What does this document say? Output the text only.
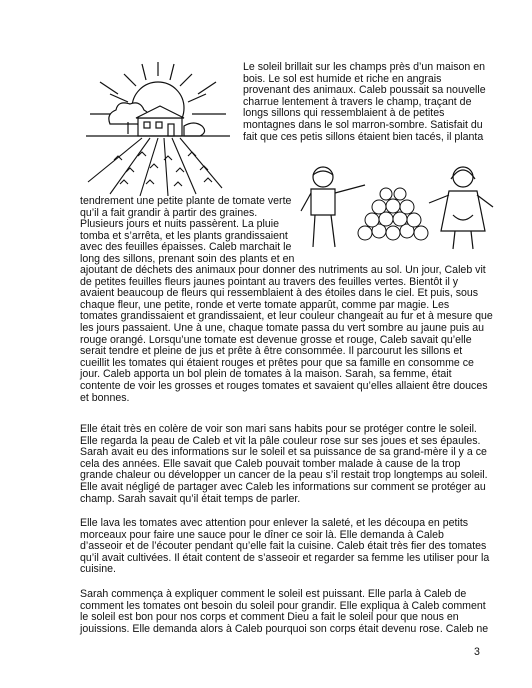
Le soleil brillait sur les champs près d’un maison en
bois. Le sol est humide et riche en angrais
provenant des animaux. Caleb poussait sa nouvelle
charrue lentement à travers le champ, traçant de
longs sillons qui ressemblaient à de petites
montagnes dans le sol marron-sombre. Satisfait du
fait que ces petis sillons étaient bien tacés, il planta
tendrement une petite plante de tomate verte
qu’il a fait grandir à partir des graines.
Plusieurs jours et nuits passèrent. La pluie
tomba et s’arrêta, et les plants grandissaient
avec des feuilles épaisses. Caleb marchait le
long des sillons, prenant soin des plants et en
ajoutant de déchets des animaux pour donner des nutriments au sol. Un jour, Caleb vit
de petites feuilles fleurs jaunes pointant au travers des feuilles vertes. Bientôt il y
avaient beaucoup de fleurs qui ressemblaient à des étoiles dans le ciel. Et puis, sous
chaque fleur, une petite, ronde et verte tomate apparût, comme par magie. Les
tomates grandissaient et grandissaient, et leur couleur changeait au fur et à mesure que
les jours passaient. Une à une, chaque tomate passa du vert sombre au jaune puis au
rouge orangé. Lorsqu’une tomate est devenue grosse et rouge, Caleb savait qu’elle
serait tendre et pleine de jus et prête à être consommée. Il parcourut les sillons et
cueillit les tomates qui étaient rouges et prêtes pour que sa famille en consomme ce
jour. Caleb apporta un bol plein de tomates à la maison. Sarah, sa femme, était
contente de voir les grosses et rouges tomates et savaient qu’elles allaient être douces
et bonnes.
Elle était très en colère de voir son mari sans habits pour se protéger contre le soleil.
Elle regarda la peau de Caleb et vit la pâle couleur rose sur ses joues et ses épaules.
Sarah avait eu des informations sur le soleil et sa puissance de sa grand-mère il y a ce
cela des années. Elle savait que Caleb pouvait tomber malade à cause de la trop
grande chaleur ou développer un cancer de la peau s’il restait trop longtemps au soleil.
Elle avait négligé de partager avec Caleb les informations sur comment se protéger au
champ. Sarah savait qu’il était temps de parler.
Elle lava les tomates avec attention pour enlever la saleté, et les découpa en petits
morceaux pour faire une sauce pour le dîner ce soir là. Elle demanda à Caleb
d’asseoir et de l’écouter pendant qu’elle fait la cuisine. Caleb était très fier des tomates
qu’il avait cultivées. Il était content de s’asseoir et regarder sa femme les utiliser pour la
cuisine.
Sarah commença à expliquer comment le soleil est puissant. Elle parla à Caleb de
comment les tomates ont besoin du soleil pour grandir. Elle expliqua à Caleb comment
le soleil est bon pour nos corps et comment Dieu a fait le soleil pour que nous en
jouissions. Elle demanda alors à Caleb pourquoi son corps était devenu rose. Caleb ne
3
